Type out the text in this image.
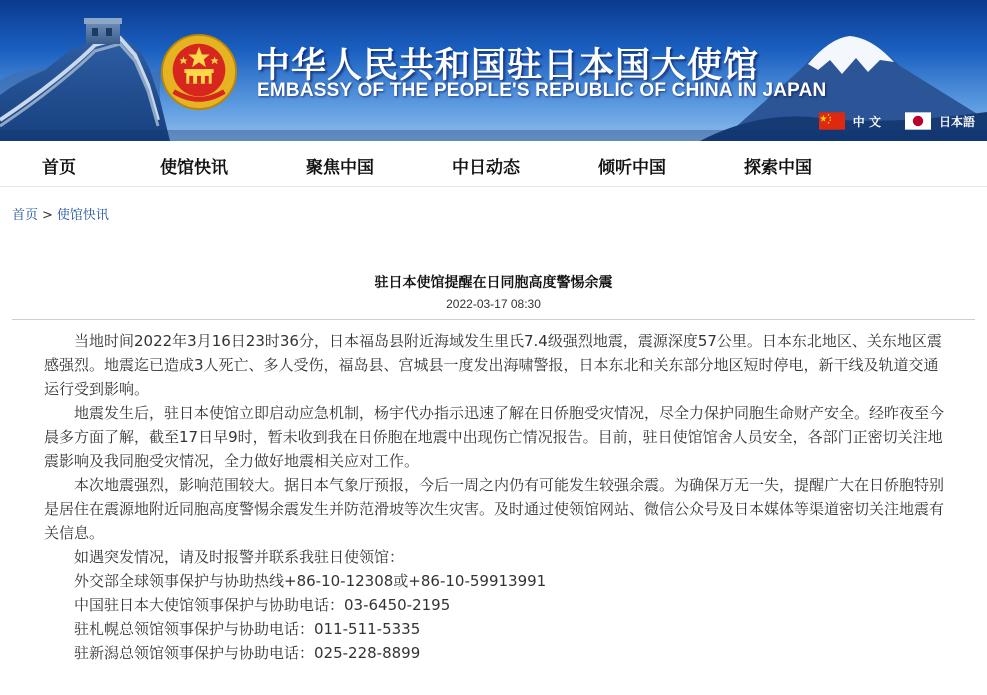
中华人民共和国驻日本国大使馆
EMBASSY OF THE PEOPLE'S REPUBLIC OF CHINA IN JAPAN
中 文	日本語
首页	使馆快讯	聚焦中国	中日动态	倾听中国	探索中国
首页 > 使馆快讯
驻日本使馆提醒在日同胞高度警惕余震
2022-03-17 08:30

当地时间2022年3月16日23时36分，日本福岛县附近海域发生里氏7.4级强烈地震，震源深度57公里。日本东北地区、关东地区震感强烈。地震迄已造成3人死亡、多人受伤，福岛县、宫城县一度发出海啸警报，日本东北和关东部分地区短时停电，新干线及轨道交通运行受到影响。

地震发生后，驻日本使馆立即启动应急机制，杨宇代办指示迅速了解在日侨胞受灾情况，尽全力保护同胞生命财产安全。经昨夜至今晨多方面了解，截至17日早9时，暂未收到我在日侨胞在地震中出现伤亡情况报告。目前，驻日使馆馆舍人员安全，各部门正密切关注地震影响及我同胞受灾情况，全力做好地震相关应对工作。

本次地震强烈，影响范围较大。据日本气象厅预报，今后一周之内仍有可能发生较强余震。为确保万无一失，提醒广大在日侨胞特别是居住在震源地附近同胞高度警惕余震发生并防范滑坡等次生灾害。及时通过使领馆网站、微信公众号及日本媒体等渠道密切关注地震有关信息。

如遇突发情况，请及时报警并联系我驻日使领馆：
外交部全球领事保护与协助热线+86-10-12308或+86-10-59913991
中国驻日本大使馆领事保护与协助电话：03-6450-2195
驻札幌总领馆领事保护与协助电话：011-511-5335
驻新潟总领馆领事保护与协助电话：025-228-8899
